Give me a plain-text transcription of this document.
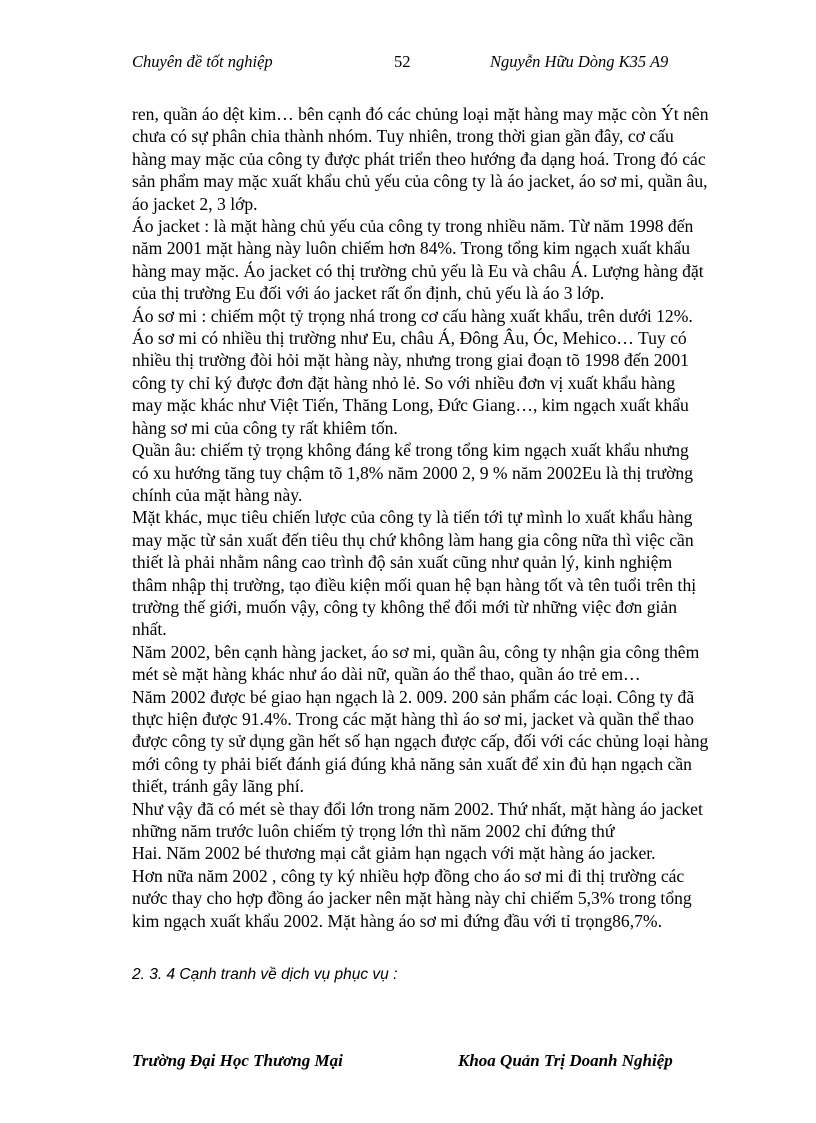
Chuyên đề tốt nghiệp	52	Nguyễn Hữu Dòng K35 A9
ren, quần áo dệt kim… bên cạnh đó các chủng loại mặt hàng may mặc còn Ýt nên
chưa có sự phân chia thành nhóm. Tuy nhiên, trong thời gian gần đây, cơ cấu
hàng may mặc của công ty được phát triển theo hướng đa dạng hoá. Trong đó các
sản phẩm may mặc xuất khẩu chủ yếu của công ty là áo jacket, áo sơ mi, quần âu,
áo jacket 2, 3 lớp.
Áo jacket : là mặt hàng chủ yếu của công ty trong nhiều năm. Từ năm 1998 đến
năm 2001 mặt hàng này luôn chiếm hơn 84%. Trong tổng kim ngạch xuất khẩu
hàng may mặc. Áo jacket có thị trường chủ yếu là Eu và châu Á. Lượng hàng đặt
của thị trường Eu đối với áo jacket rất ổn định, chủ yếu là áo 3 lớp.
Áo sơ mi : chiếm một tỷ trọng nhá trong cơ cấu hàng xuất khẩu, trên dưới 12%.
Áo sơ mi có nhiều thị trường như Eu, châu Á, Đông Âu, Óc, Mehico… Tuy có
nhiều thị trường đòi hỏi mặt hàng này, nhưng trong giai đoạn tõ 1998 đến 2001
công ty chỉ ký được đơn đặt hàng nhỏ lẻ. So với nhiều đơn vị xuất khẩu hàng
may mặc khác như Việt Tiến, Thăng Long, Đức Giang…, kim ngạch xuất khẩu
hàng sơ mi của công ty rất khiêm tốn.
Quần âu: chiếm tỷ trọng không đáng kể trong tổng kim ngạch xuất khẩu nhưng
có xu hướng tăng tuy chậm tõ 1,8% năm 2000 2, 9 % năm 2002Eu là thị trường
chính của mặt hàng này.
Mặt khác, mục tiêu chiến lược của công ty là tiến tới tự mình lo xuất khẩu hàng
may mặc từ sản xuất đến tiêu thụ chứ không làm hang gia công nữa thì việc cần
thiết là phải nhằm nâng cao trình độ sản xuất cũng như quản lý, kinh nghiệm
thâm nhập thị trường, tạo điều kiện mối quan hệ bạn hàng tốt và tên tuổi trên thị
trường thế giới, muốn vậy, công ty không thể đổi mới từ những việc đơn giản
nhất.
Năm 2002, bên cạnh hàng jacket, áo sơ mi, quần âu, công ty nhận gia công thêm
mét sè mặt hàng khác như áo dài nữ, quần áo thể thao, quần áo trẻ em…
Năm 2002 được bé giao hạn ngạch là 2. 009. 200 sản phẩm các loại. Công ty đã
thực hiện được 91.4%. Trong các mặt hàng thì áo sơ mi, jacket và quần thể thao
được công ty sử dụng gần hết số hạn ngạch được cấp, đối với các chủng loại hàng
mới công ty phải biết đánh giá đúng khả năng sản xuất để xin đủ hạn ngạch cần
thiết, tránh gây lãng phí.
Như vậy đã có mét sè thay đổi lớn trong năm 2002. Thứ nhất, mặt hàng áo jacket
những năm trước luôn chiếm tỷ trọng lớn thì năm 2002 chỉ đứng thứ
Hai. Năm 2002 bé thương mại cắt giảm hạn ngạch với mặt hàng áo jacker.
Hơn nữa năm 2002 , công ty ký nhiều hợp đồng cho áo sơ mi đi thị trường các
nước thay cho hợp đồng áo jacker nên mặt hàng này chỉ chiếm 5,3% trong tổng
kim ngạch xuất khẩu 2002. Mặt hàng áo sơ mi đứng đầu với tỉ trọng86,7%.
2. 3. 4 Cạnh tranh về dịch vụ phục vụ :
Trường Đại Học Thương Mại	Khoa Quản Trị Doanh Nghiệp
